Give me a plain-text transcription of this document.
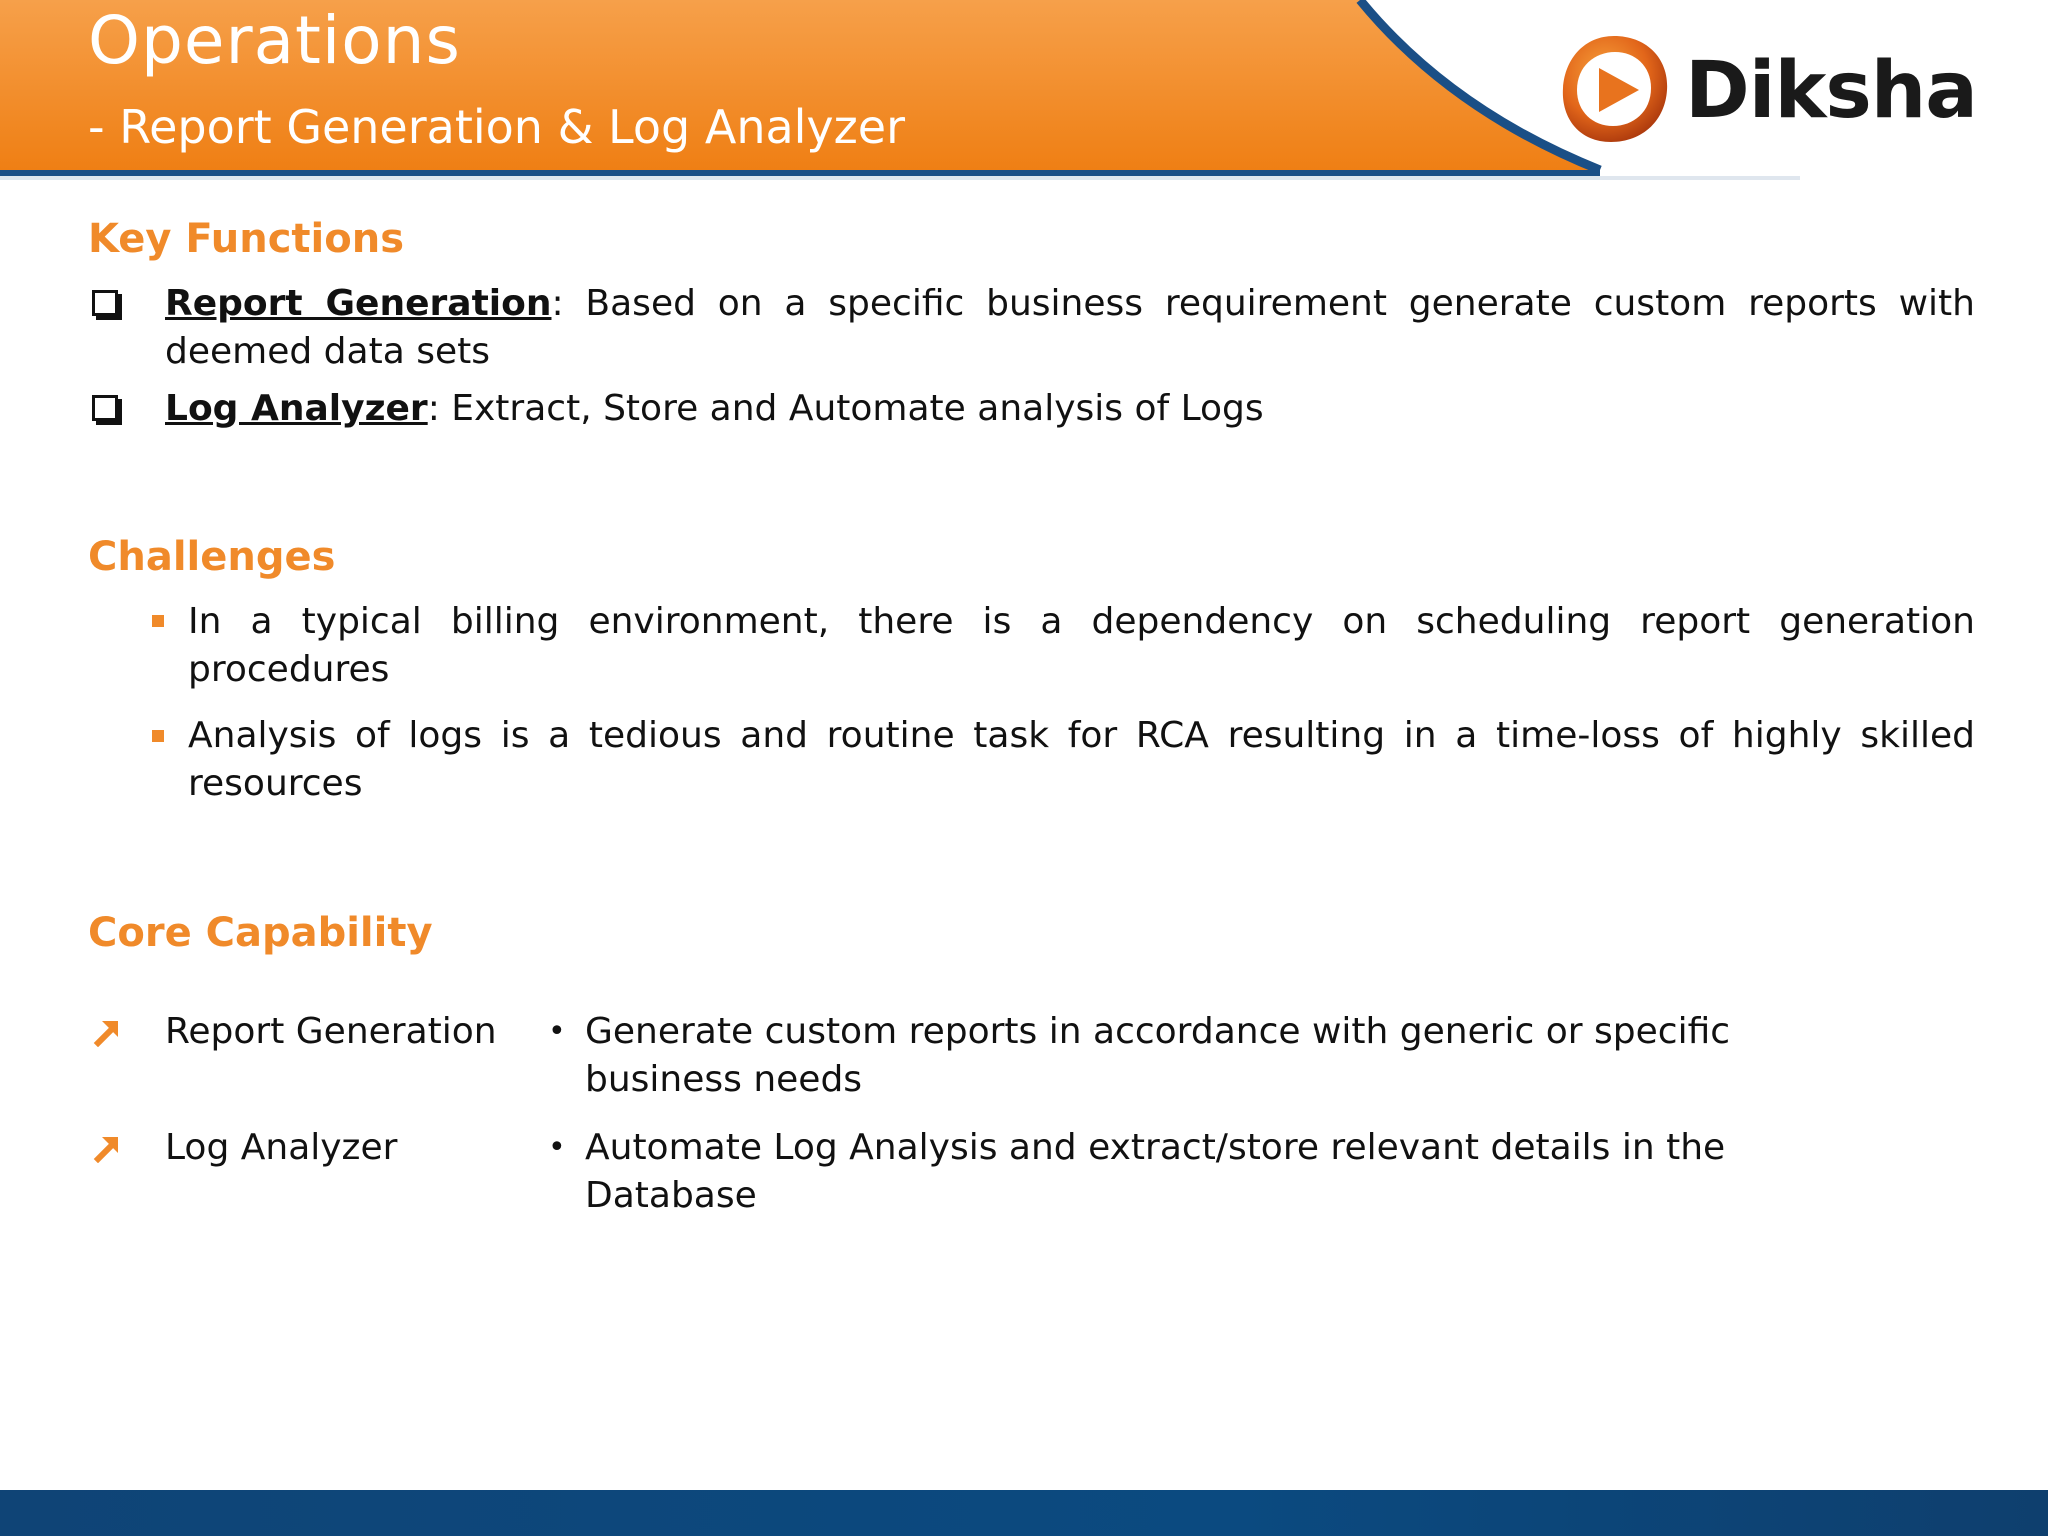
Operations
- Report Generation & Log Analyzer	Diksha
Key Functions
Report Generation: Based on a specific business requirement generate custom reports with deemed data sets
Log Analyzer: Extract, Store and Automate analysis of Logs
Challenges
In a typical billing environment, there is a dependency on scheduling report generation procedures
Analysis of logs is a tedious and routine task for RCA resulting in a time-loss of highly skilled resources
Core Capability
Report Generation • Generate custom reports in accordance with generic or specific business needs
Log Analyzer	• Automate Log Analysis and extract/store relevant details in the Database
